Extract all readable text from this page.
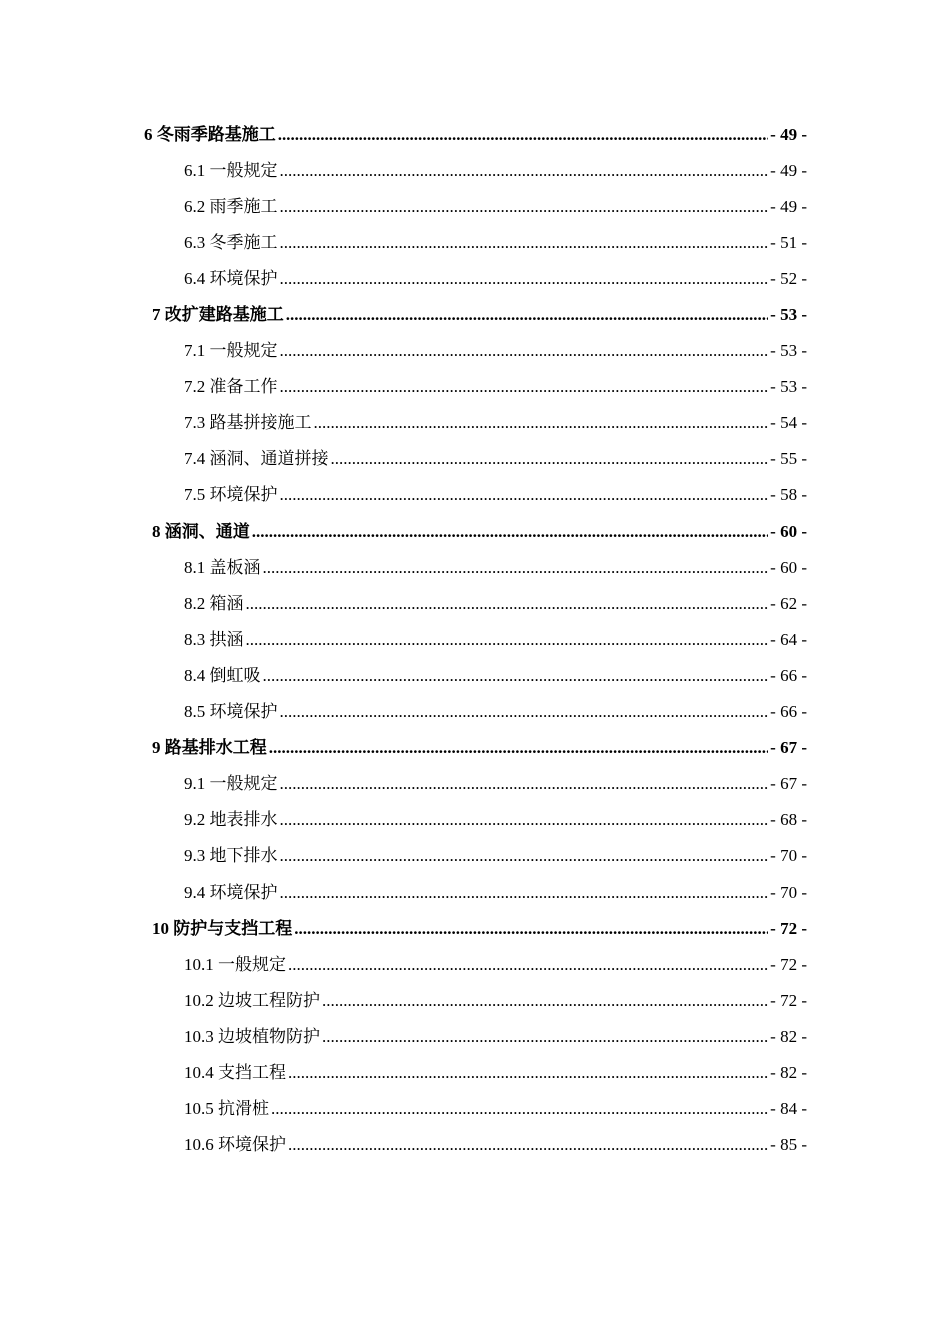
6 冬雨季路基施工 .....	- 49 -
6.1 一般规定 .....	- 49 -
6.2 雨季施工 .....	- 49 -
6.3 冬季施工 .....	- 51 -
6.4 环境保护 .....	- 52 -
7 改扩建路基施工 .....	- 53 -
7.1 一般规定 .....	- 53 -
7.2 准备工作 .....	- 53 -
7.3 路基拼接施工 .....	- 54 -
7.4 涵洞、通道拼接 .....	- 55 -
7.5 环境保护 .....	- 58 -
8 涵洞、通道 .....	- 60 -
8.1 盖板涵 .....	- 60 -
8.2 箱涵 .....	- 62 -
8.3 拱涵 .....	- 64 -
8.4 倒虹吸 .....	- 66 -
8.5 环境保护 .....	- 66 -
9 路基排水工程 .....	- 67 -
9.1 一般规定 .....	- 67 -
9.2 地表排水 .....	- 68 -
9.3 地下排水 .....	- 70 -
9.4 环境保护 .....	- 70 -
10 防护与支挡工程 .....	- 72 -
10.1 一般规定 .....	- 72 -
10.2 边坡工程防护 .....	- 72 -
10.3 边坡植物防护 .....	- 82 -
10.4 支挡工程 .....	- 82 -
10.5 抗滑桩 .....	- 84 -
10.6 环境保护 .....	- 85 -
